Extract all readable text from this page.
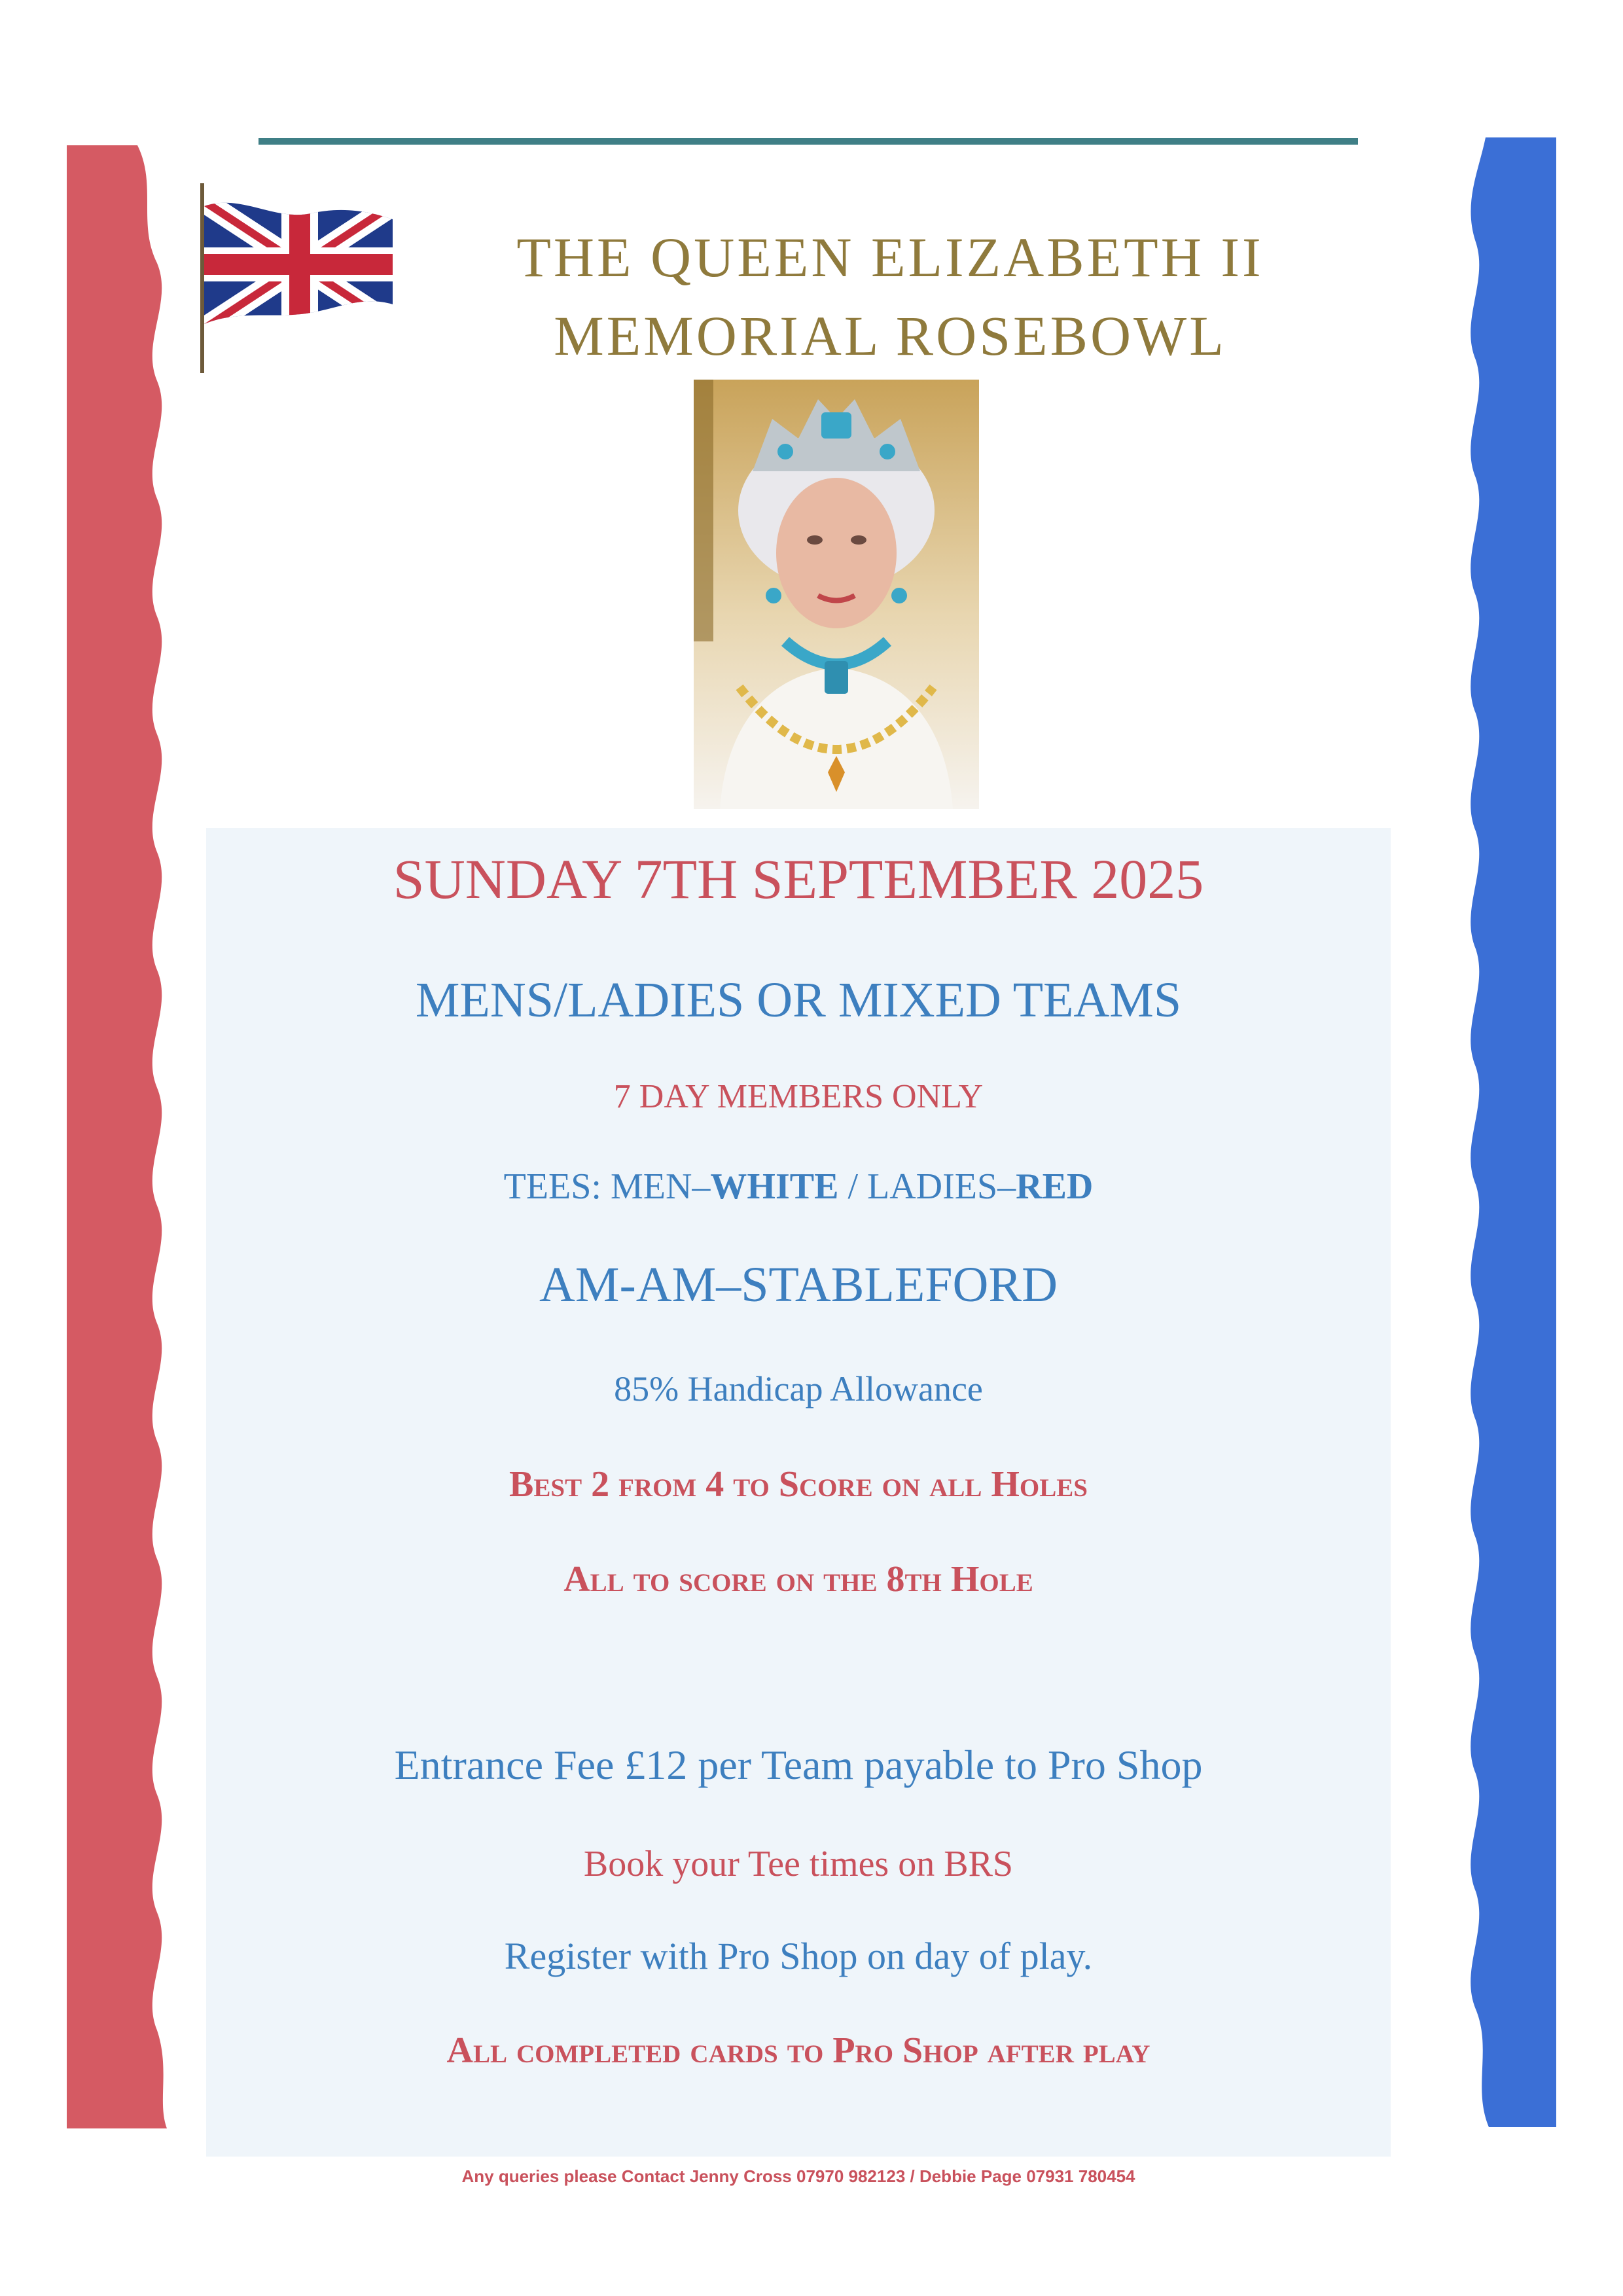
THE QUEEN ELIZABETH II
MEMORIAL ROSEBOWL
SUNDAY 7TH SEPTEMBER 2025
MENS/LADIES OR MIXED TEAMS
7 DAY MEMBERS ONLY
TEES: MEN–WHITE / LADIES–RED
AM-AM–STABLEFORD
85% Handicap Allowance
Best 2 from 4 to Score on all Holes
All to score on the 8th Hole
Entrance Fee £12 per Team payable to Pro Shop
Book your Tee times on BRS
Register with Pro Shop on day of play.
All completed cards to Pro Shop after play
Any queries please Contact Jenny Cross 07970 982123 / Debbie Page 07931 780454
